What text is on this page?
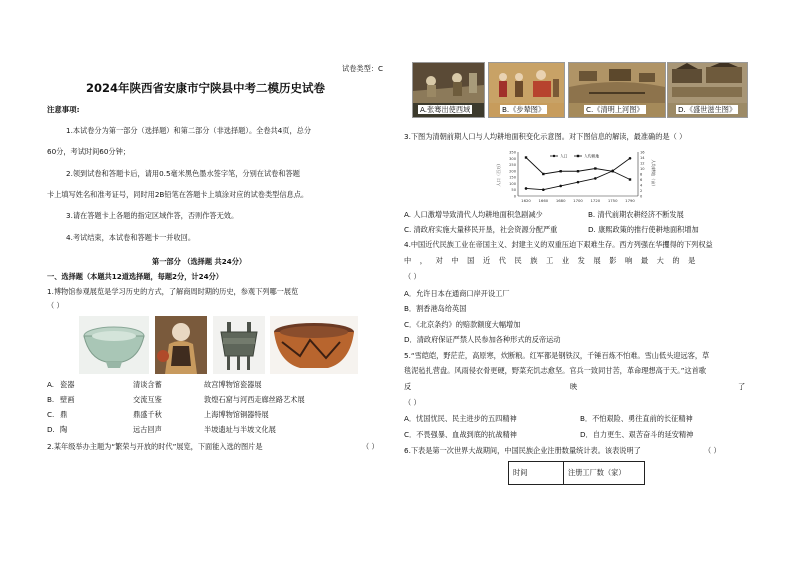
试卷类型：C
2024年陕西省安康市宁陕县中考二模历史试卷
注意事项:
1.本试卷分为第一部分（选择题）和第二部分（非选择题）。全卷共4页，总分
60分，考试时间60分钟；
2.领到试卷和答题卡后，请用0.5毫米黑色墨水签字笔，分别在试卷和答题
卡上填写姓名和准考证号，同时用2B铅笔在答题卡上填涂对应的试卷类型信息点。
3.请在答题卡上各题的指定区域作答，否则作答无效。
4.考试结束，本试卷和答题卡一并收回。
第一部分 （选择题 共24分）
一、选择题（本题共12道选择题，每题2分，计24分）
1.博物馆参观展览是学习历史的方式，了解商周时期的历史，参观下列哪一展览
（ ）
A. 瓷器	清谈含蓄	故宫博物馆瓷器展
B. 壁画	交流互鉴	敦煌石窟与河西走廊丝路艺术展
C. 鼎	鼎盛千秋	上海博物馆铜器特展
D. 陶	远古回声	半坡遗址与半坡文化展
2.某年级举办主题为“繁荣与开放的时代”展览，下面能入选的图片是	（ ）
A.张骞出使西域	B.《步辇图》	C.《清明上河图》	D.《盛世滋生图》
3.下图为清朝前期人口与人均耕地面积变化示意图。对下图信息的解读，最准确的是（ ）
350
300
250
200
150
100
50
0
16
14
12
10
8
6
4
2
0
人口（百万）	人均耕地（亩）
1620 1660 1680 1700 1720 1750 1790
人口	人均耕地
A. 人口激增导致清代人均耕地面积急剧减少	B. 清代前期农耕经济不断发展
C. 清政府实施大量移民开垦，社会资源分配严重	D. 康熙政策的推行使耕地面积增加
4.中国近代民族工业在帝国主义、封建主义的双重压迫下艰难生存。西方列强在华攫得的下列权益
中，对中国近代民族工业发展影响最大的是
（ ）
A．允许日本在通商口岸开设工厂
B．割香港岛给英国
C．《北京条约》的赔款额度大幅增加
D．清政府保证严禁人民参加各种形式的反帝运动
5.“雪皑皑，野茫茫，高原寒，炊断粮。红军都是钢铁汉，千锤百炼不怕难。雪山低头迎远客，草
毯泥毡扎营盘。风雨侵衣骨更硬，野菜充饥志愈坚。官兵一致同甘苦，革命理想高于天。”这首歌
反	映	了
（ ）
A．忧国忧民、民主进步的五四精神	B．不怕艰险、勇往直前的长征精神
C．不畏强暴、血战到底的抗战精神	D．自力更生、艰苦奋斗的延安精神
6.下表是第一次世界大战期间，中国民族企业注册数量统计表。该表说明了	（ ）
时间	注册工厂数（家）
